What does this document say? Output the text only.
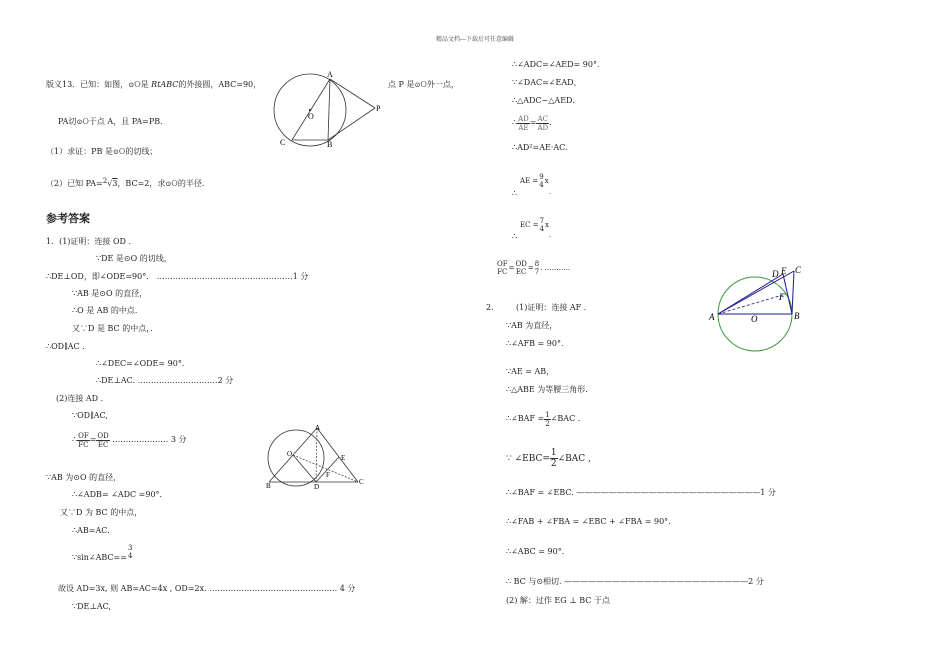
精品文档---下载后可任意编辑
版义13．已知：如图，⊙O是 RtABC的外接圆，ABC=90，	点 P 是⊙O外一点，
PA切⊙O于点 A，且 PA=PB.
（1）求证：PB 是⊙O的切线；
（2）已知 PA=2√3，BC=2，求⊙O的半径.
A
B
C
O
P
参考答案
1．(1)证明：连接 OD .
∵DE 是⊙O 的切线，
∴DE⊥OD，即∠ODE=90°． ……………………………………………1 分
∵AB 是⊙O 的直径，
∴O 是 AB 的中点.
又∵D 是 BC 的中点，．
∴OD∥AC .
∴∠DEC=∠ODE= 90°．
∴DE⊥AC. …………………………2 分
(2)连接 AD .
∵OD∥AC,
∴ $\frac{OF}{FC} = \frac{OD}{EC}$ ………………… 3 分
A
B	C
D
E
F
O
∵AB 为⊙O 的直径，
∴∠ADB= ∠ADC =90°．
又∵D 为 BC 的中点，
∴AB=AC.
∵sin∠ABC==
3
4
故设 AD=3x, 则 AB=AC=4x , OD=2x. ………………………………………… 4 分
∵DE⊥AC,
∴∠ADC=∠AED= 90°.
∵∠DAC=∠EAD，
∴△ADC∽△AED.
∴ $\frac{AD}{AE} = \frac{AC}{AD}$ .
∴AD²=AE·AC.
AE = 9
4 x
.
∴
EC = 7
4 x
.
∴
OF
FC = OD
EC = 8
7 . ………..
2.	(1)证明：连接 AF .
∵AB 为直径，
∴∠AFB = 90°.
∵AE = AB，
∴△ABE 为等腰三角形.
∴∠BAF = $\frac{1}{2}$ ∠BAC .
∵ ∠EBC= $\frac{1}{2}$ ∠BAC ,
∴∠BAF = ∠EBC. ———————————————————————1 分
∴∠FAB + ∠FBA = ∠EBC + ∠FBA = 90°.
∴∠ABC = 90°.
∴ BC 与⊙相切. ———————————————————————2 分
(2) 解：过作 EG ⊥ BC 于点
A	B
C
D E
F
O
